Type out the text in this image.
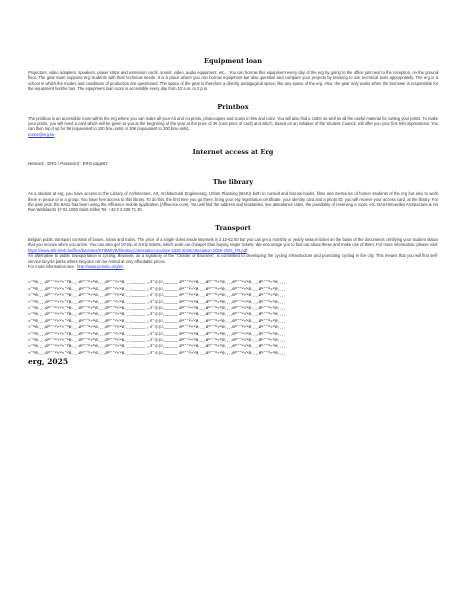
Equipment loan

Projectors, video adapters, speakers, power strips and extension cords, sound, video, audio equipment, etc... You can borrow this equipment every day of the erg by going to the office just next to the reception, on the ground floor. The gear team supports erg students with their technical needs. It is a place where you can borrow equipment but also question and compare your projects by learning to use technical tools appropriately. The erg is a school in which the modes and conditions of production are questioned. The space of the gear is therefore a directly pedagogical space, like any space of the erg. Also, the gear only works when the borrower is responsible for the equipment he/she has. The equipment loan room is accessible every day from 10 a.m. to 2 p.m.

Printbox

The printbox is an accessible room within the erg where you can make all your A3 and A4 prints, photocopies and scans in b/w and color. You will also find a cutter as well as all the useful material for cutting your prints. To make your prints, you will need a card which will be given to you at the beginning of the year at the price of 2€ (cost price of card) and which, based on an initiative of the Student Council, will offer you your first 600 impressions. You can then top it up for 5€ (equivalent to 100 b/w units) or 10€ (equivalent to 200 b/w units).

notice@erg.be

Internet access at Erg

Network : ERG / Password : ERG-page87

The library

As a student at erg, you have access to the Library of Architecture, Art, Architectural Engineering, Urban Planning (BAIU) both to consult and borrow books, films and memories of former students of the erg but also to work there in peace or in a group. You have free access to this library. To do this, the first time you go there, bring your erg registration certificate, your identity card and a photo ID, you will receive your access card, at the library. For the past year, the BAIU has been using the Affluence mobile application (Affluence.com). You will find the address and timetables, live attendance rates, the possibility of reserving a room, etc. BAIU-Bruxelles Architecture & Art Rue Wafelaerts 47-51 1060 Saint-Gilles Tel: +32 0 2 539 71 30

Transport

Belgian public transport consists of buses, trams and trains. The price of a single ticket inside Brussels is 2,10-€2,50 but you can get a monthly or yearly season ticket on the basis of the documents certifying your student status that you receive when you arrive. You can also get 10-trip or 5-trip tickets, which work out cheaper than buying single tickets. We encourage you to find out about these and make use of them. For more information, please visit: https://www.stib-mivb.be/files/live/sites/STIBMIVB/files/Buy/Attestation-scolaire-2025-2026/Attestation-2025-2026_FR.pdf

An alternative to public transportation is cycling. Brussels, as a signatory of the "Charter of Brussels", is committed to developing the cycling infrastructure and promoting cycling in the city. This means that you will find self-service bicycle parks where bicycles can be rented at very affordable prices.

For more information see : http://www.provelo.org/en

«°ºø,¸¸,øº°°º»º»°ºø,¸¸,øº°°º»ºø,¸¸,øº°°º»ºø,¸¸,______ ,,ıl°ı|ı|ıl,______ øº°°º»ºø,¸¸,øº°°º»ºø,¸¸,øº°°º»ºø,¸¸,øº°°º»ºø,¸¸,
«°ºø,¸¸,øº°°º»º»°ºø,¸¸,øº°°º»ºø,¸¸,øº°°º»ºø,¸¸,______ ,,ıl°ı|ı|ıl,______ øº°°º»ºø,¸¸,øº°°º»ºø,¸¸,øº°°º»ºø,¸¸,øº°°º»ºø,¸¸,
«°ºø,¸¸,øº°°º»º»°ºø,¸¸,øº°°º»ºø,¸¸,øº°°º»ºø,¸¸,______ ,,ıl°ı|ı|ıl,______ øº°°º»ºø,¸¸,øº°°º»ºø,¸¸,øº°°º»ºø,¸¸,øº°°º»ºø,¸¸,
«°ºø,¸¸,øº°°º»º»°ºø,¸¸,øº°°º»ºø,¸¸,øº°°º»ºø,¸¸,______ ,,ıl°ı|ı|ıl,______ øº°°º»ºø,¸¸,øº°°º»ºø,¸¸,øº°°º»ºø,¸¸,øº°°º»ºø,¸¸,
«°ºø,¸¸,øº°°º»º»°ºø,¸¸,øº°°º»ºø,¸¸,øº°°º»ºø,¸¸,______ ,,ıl°ı|ı|ıl,______ øº°°º»ºø,¸¸,øº°°º»ºø,¸¸,øº°°º»ºø,¸¸,øº°°º»ºø,¸¸,
«°ºø,¸¸,øº°°º»º»°ºø,¸¸,øº°°º»ºø,¸¸,øº°°º»ºø,¸¸,______ ,,ıl°ı|ı|ıl,______ øº°°º»ºø,¸¸,øº°°º»ºø,¸¸,øº°°º»ºø,¸¸,øº°°º»ºø,¸¸,
«°ºø,¸¸,øº°°º»º»°ºø,¸¸,øº°°º»ºø,¸¸,øº°°º»ºø,¸¸,______ ,,ıl°ı|ı|ıl,______ øº°°º»ºø,¸¸,øº°°º»ºø,¸¸,øº°°º»ºø,¸¸,øº°°º»ºø,¸¸,
«°ºø,¸¸,øº°°º»º»°ºø,¸¸,øº°°º»ºø,¸¸,øº°°º»ºø,¸¸,______ ,,ıl°ı|ı|ıl,______ øº°°º»ºø,¸¸,øº°°º»ºø,¸¸,øº°°º»ºø,¸¸,øº°°º»ºø,¸¸,
«°ºø,¸¸,øº°°º»º»°ºø,¸¸,øº°°º»ºø,¸¸,øº°°º»ºø,¸¸,______ ,,ıl°ı|ı|ıl,______ øº°°º»ºø,¸¸,øº°°º»ºø,¸¸,øº°°º»ºø,¸¸,øº°°º»ºø,¸¸,
«°ºø,¸¸,øº°°º»º»°ºø,¸¸,øº°°º»ºø,¸¸,øº°°º»ºø,¸¸,______ ,,ıl°ı|ı|ıl,______ øº°°º»ºø,¸¸,øº°°º»ºø,¸¸,øº°°º»ºø,¸¸,øº°°º»ºø,¸¸,
«°ºø,¸¸,øº°°º»º»°ºø,¸¸,øº°°º»ºø,¸¸,øº°°º»ºø,¸¸,______ ,,ıl°ı|ı|ıl,______ øº°°º»ºø,¸¸,øº°°º»ºø,¸¸,øº°°º»ºø,¸¸,øº°°º»ºø,¸¸,
«°ºø,¸¸,øº°°º»º»°ºø,¸¸,øº°°º»ºø,¸¸,øº°°º»ºø,¸¸,______ ,,ıl°ı|ı|ıl,______ øº°°º»ºø,¸¸,øº°°º»ºø,¸¸,øº°°º»ºø,¸¸,øº°°º»ºø,¸¸,
erg, 2025
